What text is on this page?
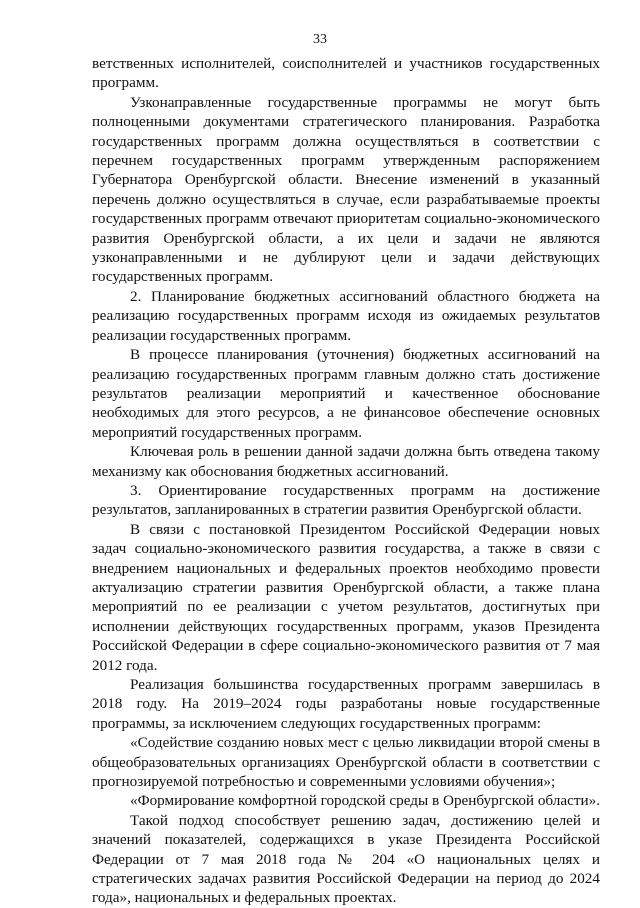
33

ветственных исполнителей, соисполнителей и участников государственных программ.

Узконаправленные государственные программы не могут быть полноценными документами стратегического планирования. Разработка государственных программ должна осуществляться в соответствии с перечнем государственных программ утвержденным распоряжением Губернатора Оренбургской области. Внесение изменений в указанный перечень должно осуществляться в случае, если разрабатываемые проекты государственных программ отвечают приоритетам социально-экономического развития Оренбургской области, а их цели и задачи не являются узконаправленными и не дублируют цели и задачи действующих государственных программ.

2. Планирование бюджетных ассигнований областного бюджета на реализацию государственных программ исходя из ожидаемых результатов реализации государственных программ.

В процессе планирования (уточнения) бюджетных ассигнований на реализацию государственных программ главным должно стать достижение результатов реализации мероприятий и качественное обоснование необходимых для этого ресурсов, а не финансовое обеспечение основных мероприятий государственных программ.

Ключевая роль в решении данной задачи должна быть отведена такому механизму как обоснования бюджетных ассигнований.

3. Ориентирование государственных программ на достижение результатов, запланированных в стратегии развития Оренбургской области.

В связи с постановкой Президентом Российской Федерации новых задач социально-экономического развития государства, а также в связи с внедрением национальных и федеральных проектов необходимо провести актуализацию стратегии развития Оренбургской области, а также плана мероприятий по ее реализации с учетом результатов, достигнутых при исполнении действующих государственных программ, указов Президента Российской Федерации в сфере социально-экономического развития от 7 мая 2012 года.

Реализация большинства государственных программ завершилась в 2018 году. На 2019–2024 годы разработаны новые государственные программы, за исключением следующих государственных программ:

«Содействие созданию новых мест с целью ликвидации второй смены в общеобразовательных организациях Оренбургской области в соответствии с прогнозируемой потребностью и современными условиями обучения»;

«Формирование комфортной городской среды в Оренбургской области».

Такой подход способствует решению задач, достижению целей и значений показателей, содержащихся в указе Президента Российской Федерации от 7 мая 2018 года № 204 «О национальных целях и стратегических задачах развития Российской Федерации на период до 2024 года», национальных и федеральных проектах.
